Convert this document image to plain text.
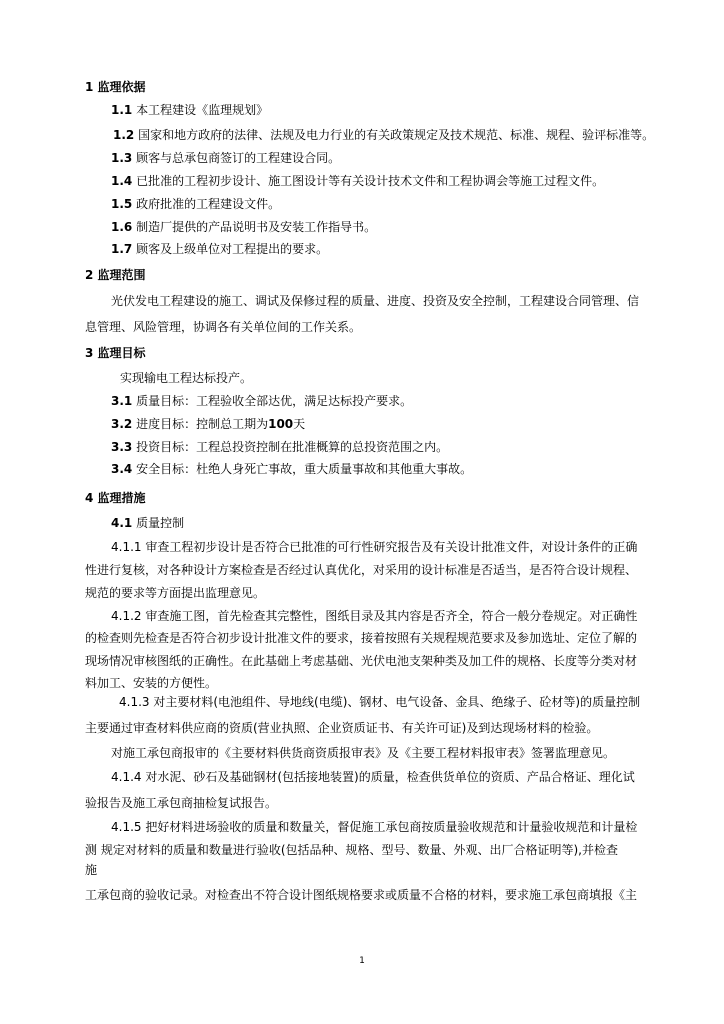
1 监理依据
1.1 本工程建设《监理规划》
1.2 国家和地方政府的法律、法规及电力行业的有关政策规定及技术规范、标准、规程、验评标准等。
1.3 顾客与总承包商签订的工程建设合同。
1.4 已批准的工程初步设计、施工图设计等有关设计技术文件和工程协调会等施工过程文件。
1.5 政府批准的工程建设文件。
1.6 制造厂提供的产品说明书及安装工作指导书。
1.7 顾客及上级单位对工程提出的要求。
2 监理范围
光伏发电工程建设的施工、调试及保修过程的质量、进度、投资及安全控制，工程建设合同管理、信
息管理、风险管理，协调各有关单位间的工作关系。
3 监理目标
实现输电工程达标投产。
3.1 质量目标：工程验收全部达优，满足达标投产要求。
3.2 进度目标：控制总工期为100天
3.3 投资目标：工程总投资控制在批准概算的总投资范围之内。
3.4 安全目标：杜绝人身死亡事故，重大质量事故和其他重大事故。
4 监理措施
4.1 质量控制
4.1.1 审查工程初步设计是否符合已批准的可行性研究报告及有关设计批准文件，对设计条件的正确
性进行复核，对各种设计方案检查是否经过认真优化，对采用的设计标准是否适当，是否符合设计规程、
规范的要求等方面提出监理意见。
4.1.2 审查施工图，首先检查其完整性，图纸目录及其内容是否齐全，符合一般分卷规定。对正确性
的检查则先检查是否符合初步设计批准文件的要求，接着按照有关规程规范要求及参加选址、定位了解的
现场情况审核图纸的正确性。在此基础上考虑基础、光伏电池支架种类及加工件的规格、长度等分类对材
料加工、安装的方便性。
4.1.3 对主要材料(电池组件、导地线(电缆)、钢材、电气设备、金具、绝缘子、砼材等)的质量控制
主要通过审查材料供应商的资质(营业执照、企业资质证书、有关许可证)及到达现场材料的检验。
对施工承包商报审的《主要材料供货商资质报审表》及《主要工程材料报审表》签署监理意见。
4.1.4 对水泥、砂石及基础钢材(包括接地装置)的质量，检查供货单位的资质、产品合格证、理化试
验报告及施工承包商抽检复试报告。
4.1.5 把好材料进场验收的质量和数量关，督促施工承包商按质量验收规范和计量验收规范和计量检
测 规定对材料的质量和数量进行验收(包括品种、规格、型号、数量、外观、出厂合格证明等),并检查
施
工承包商的验收记录。对检查出不符合设计图纸规格要求或质量不合格的材料，要求施工承包商填报《主
1
